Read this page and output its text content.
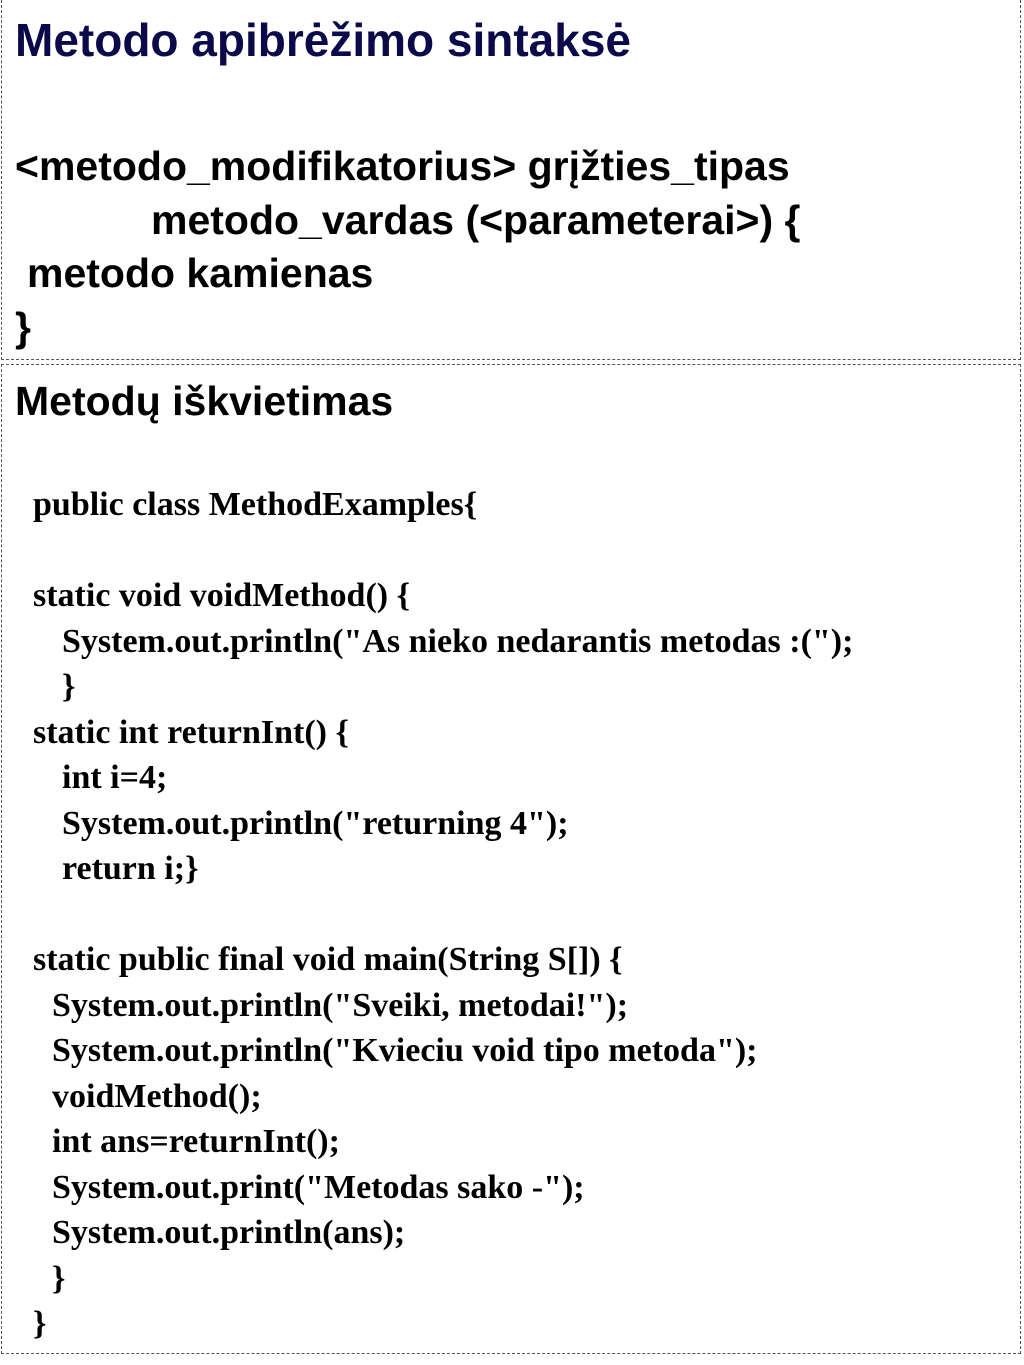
Metodo apibrėžimo sintaksė

<metodo_modifikatorius> grįžties_tipas

metodo_vardas (<parameterai>) {

metodo kamienas

}

Metodų iškvietimas

public class MethodExamples{

static void voidMethod() {

System.out.println("As nieko nedarantis metodas :(");

}

static int returnInt() {

int i=4;

System.out.println("returning 4");

return i;}

static public final void main(String S[]) {

System.out.println("Sveiki, metodai!");

System.out.println("Kvieciu void tipo metoda");

voidMethod();

int ans=returnInt();

System.out.print("Metodas sako -");

System.out.println(ans);

}

}
